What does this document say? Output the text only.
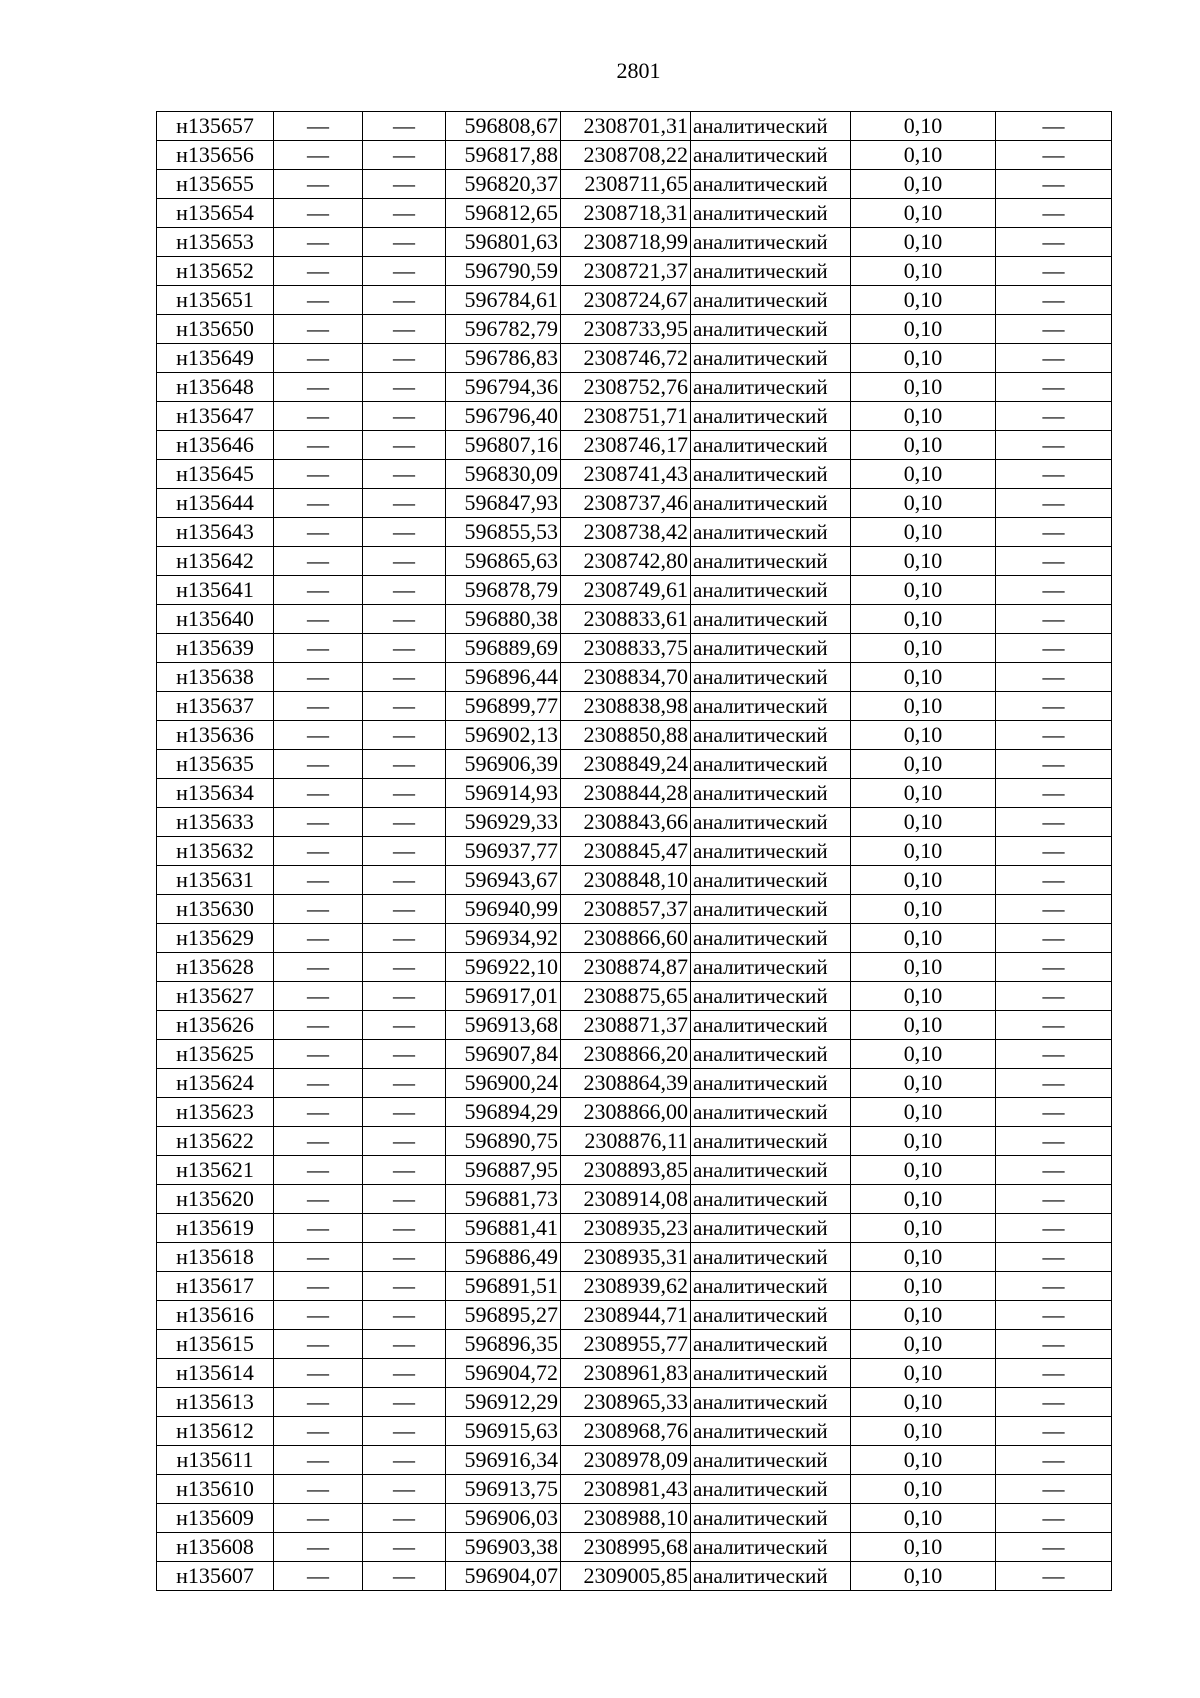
2801
н135657	—	—	596808,67	2308701,31	аналитический	0,10	—
н135656	—	—	596817,88	2308708,22	аналитический	0,10	—
н135655	—	—	596820,37	2308711,65	аналитический	0,10	—
н135654	—	—	596812,65	2308718,31	аналитический	0,10	—
н135653	—	—	596801,63	2308718,99	аналитический	0,10	—
н135652	—	—	596790,59	2308721,37	аналитический	0,10	—
н135651	—	—	596784,61	2308724,67	аналитический	0,10	—
н135650	—	—	596782,79	2308733,95	аналитический	0,10	—
н135649	—	—	596786,83	2308746,72	аналитический	0,10	—
н135648	—	—	596794,36	2308752,76	аналитический	0,10	—
н135647	—	—	596796,40	2308751,71	аналитический	0,10	—
н135646	—	—	596807,16	2308746,17	аналитический	0,10	—
н135645	—	—	596830,09	2308741,43	аналитический	0,10	—
н135644	—	—	596847,93	2308737,46	аналитический	0,10	—
н135643	—	—	596855,53	2308738,42	аналитический	0,10	—
н135642	—	—	596865,63	2308742,80	аналитический	0,10	—
н135641	—	—	596878,79	2308749,61	аналитический	0,10	—
н135640	—	—	596880,38	2308833,61	аналитический	0,10	—
н135639	—	—	596889,69	2308833,75	аналитический	0,10	—
н135638	—	—	596896,44	2308834,70	аналитический	0,10	—
н135637	—	—	596899,77	2308838,98	аналитический	0,10	—
н135636	—	—	596902,13	2308850,88	аналитический	0,10	—
н135635	—	—	596906,39	2308849,24	аналитический	0,10	—
н135634	—	—	596914,93	2308844,28	аналитический	0,10	—
н135633	—	—	596929,33	2308843,66	аналитический	0,10	—
н135632	—	—	596937,77	2308845,47	аналитический	0,10	—
н135631	—	—	596943,67	2308848,10	аналитический	0,10	—
н135630	—	—	596940,99	2308857,37	аналитический	0,10	—
н135629	—	—	596934,92	2308866,60	аналитический	0,10	—
н135628	—	—	596922,10	2308874,87	аналитический	0,10	—
н135627	—	—	596917,01	2308875,65	аналитический	0,10	—
н135626	—	—	596913,68	2308871,37	аналитический	0,10	—
н135625	—	—	596907,84	2308866,20	аналитический	0,10	—
н135624	—	—	596900,24	2308864,39	аналитический	0,10	—
н135623	—	—	596894,29	2308866,00	аналитический	0,10	—
н135622	—	—	596890,75	2308876,11	аналитический	0,10	—
н135621	—	—	596887,95	2308893,85	аналитический	0,10	—
н135620	—	—	596881,73	2308914,08	аналитический	0,10	—
н135619	—	—	596881,41	2308935,23	аналитический	0,10	—
н135618	—	—	596886,49	2308935,31	аналитический	0,10	—
н135617	—	—	596891,51	2308939,62	аналитический	0,10	—
н135616	—	—	596895,27	2308944,71	аналитический	0,10	—
н135615	—	—	596896,35	2308955,77	аналитический	0,10	—
н135614	—	—	596904,72	2308961,83	аналитический	0,10	—
н135613	—	—	596912,29	2308965,33	аналитический	0,10	—
н135612	—	—	596915,63	2308968,76	аналитический	0,10	—
н135611	—	—	596916,34	2308978,09	аналитический	0,10	—
н135610	—	—	596913,75	2308981,43	аналитический	0,10	—
н135609	—	—	596906,03	2308988,10	аналитический	0,10	—
н135608	—	—	596903,38	2308995,68	аналитический	0,10	—
н135607	—	—	596904,07	2309005,85	аналитический	0,10	—
